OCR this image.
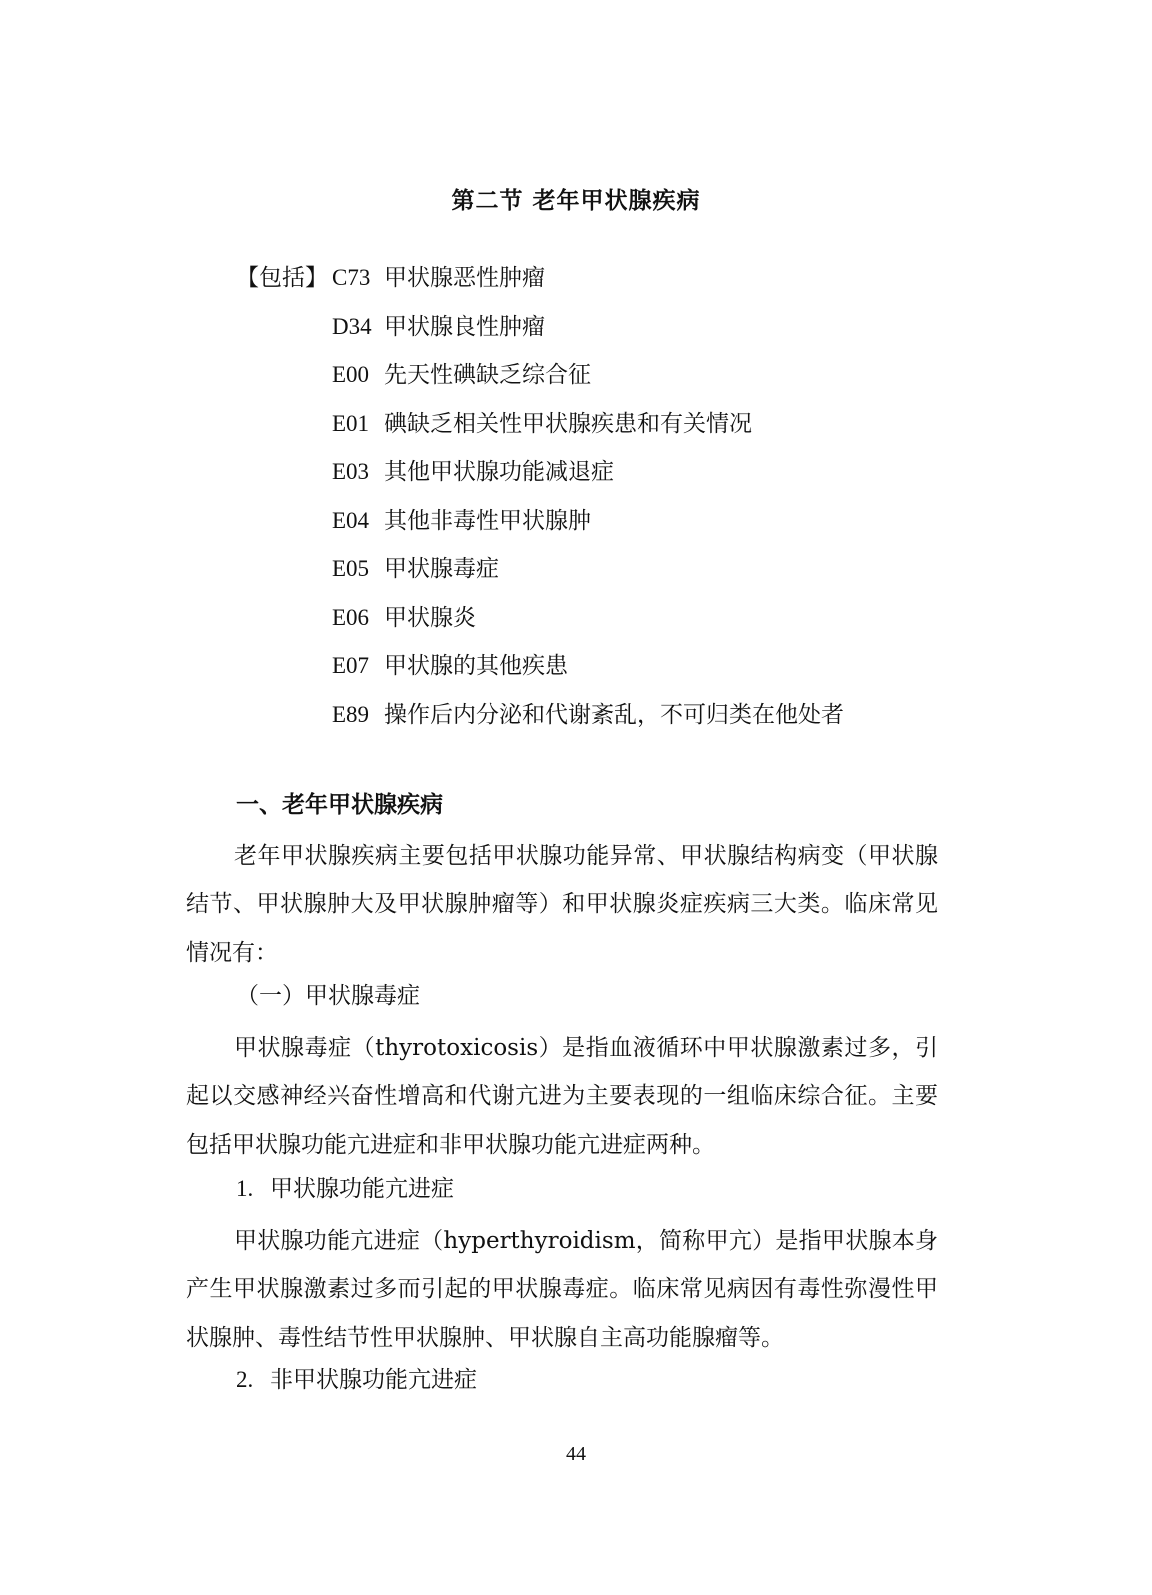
第二节 老年甲状腺疾病
【包括】 C73 甲状腺恶性肿瘤
D34 甲状腺良性肿瘤
E00 先天性碘缺乏综合征
E01 碘缺乏相关性甲状腺疾患和有关情况
E03 其他甲状腺功能减退症
E04 其他非毒性甲状腺肿
E05 甲状腺毒症
E06 甲状腺炎
E07 甲状腺的其他疾患
E89 操作后内分泌和代谢紊乱，不可归类在他处者
一、老年甲状腺疾病
老年甲状腺疾病主要包括甲状腺功能异常、甲状腺结构病变（甲状腺结节、甲状腺肿大及甲状腺肿瘤等）和甲状腺炎症疾病三大类。临床常见情况有：
（一）甲状腺毒症
甲状腺毒症（thyrotoxicosis）是指血液循环中甲状腺激素过多，引起以交感神经兴奋性增高和代谢亢进为主要表现的一组临床综合征。主要包括甲状腺功能亢进症和非甲状腺功能亢进症两种。
1. 甲状腺功能亢进症
甲状腺功能亢进症（hyperthyroidism，简称甲亢）是指甲状腺本身产生甲状腺激素过多而引起的甲状腺毒症。临床常见病因有毒性弥漫性甲状腺肿、毒性结节性甲状腺肿、甲状腺自主高功能腺瘤等。
2. 非甲状腺功能亢进症
44
